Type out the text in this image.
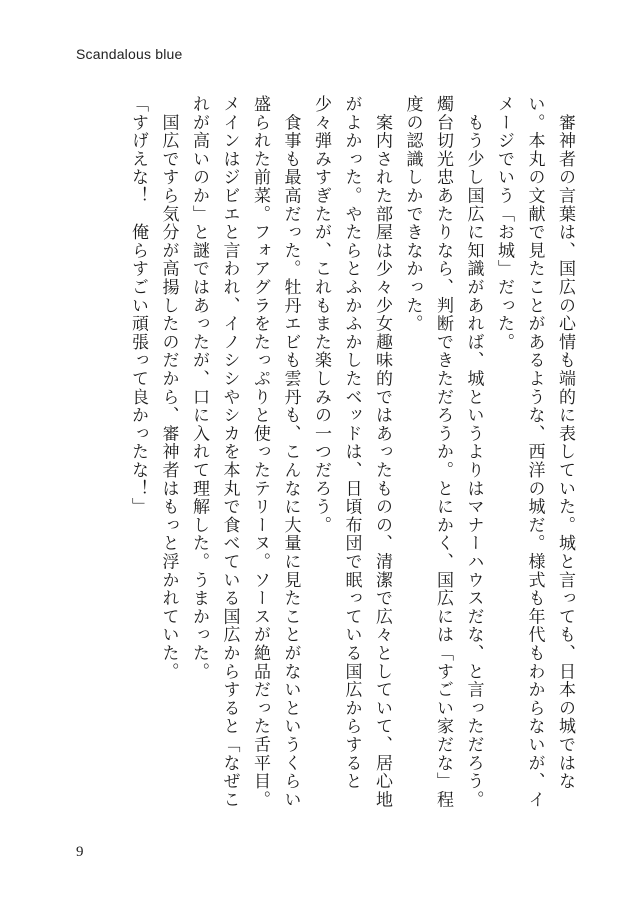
Scandalous blue

　審神者の言葉は、国広の心情も端的に表していた。城と言っても、日本の城ではない。本丸の文献で見たことがあるような、西洋の城だ。様式も年代もわからないが、イメージでいう「お城」だった。

　もう少し国広に知識があれば、城というよりはマナーハウスだな、と言っただろう。燭台切光忠あたりなら、判断できただろうか。とにかく、国広には「すごい家だな」程度の認識しかできなかった。

　案内された部屋は少々少女趣味的ではあったものの、清潔で広々としていて、居心地がよかった。やたらとふかふかしたベッドは、日頃布団で眠っている国広からすると少々弾みすぎたが、これもまた楽しみの一つだろう。

　食事も最高だった。牡丹エビも雲丹も、こんなに大量に見たことがないというくらい盛られた前菜。フォアグラをたっぷりと使ったテリーヌ。ソースが絶品だった舌平目。メインはジビエと言われ、イノシシやシカを本丸で食べている国広からすると「なぜこれが高いのか」と謎ではあったが、口に入れて理解した。うまかった。

　国広ですら気分が高揚したのだから、審神者はもっと浮かれていた。

「すげえな！　俺らすごい頑張って良かったな！」

9
